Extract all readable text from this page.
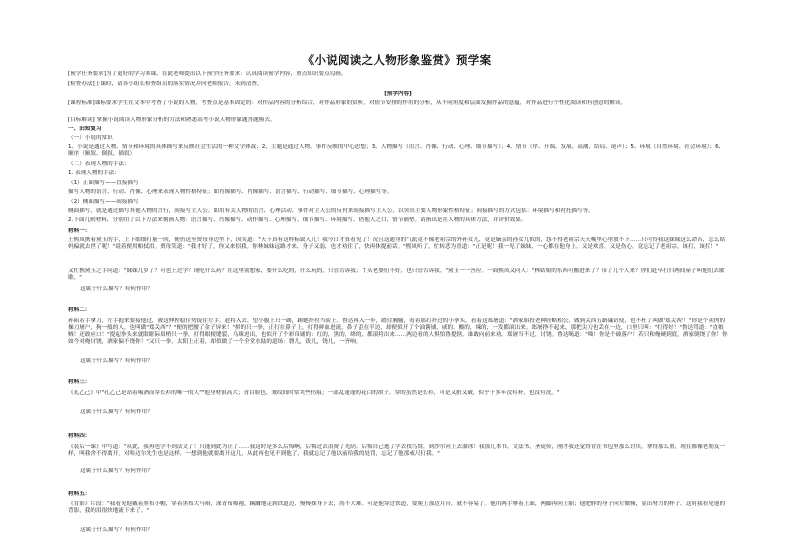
《小说阅读之人物形象鉴赏》预学案
[预学任务要求]为了更好的学习本课，在此老师提出以下预学任务要求：认真阅读预学内容，重点知识要点勾画。
[检查办法]上课时，请各小组长检查组员的落实情况并向老师报告，未到清查。
[预学内容]
[课程标准]课标要求学生在文本中考查了小说的人物，考查点是基本固定的：对作品内容的分析综合，对作品形象的赏析，对情节安排的作用的分析，从不同角度和层面发掘作品的意蕴，对作品进行个性化阅读和有创意的解读。
[目标解读] 掌握小说阅读人物形象分析的方法和熟悉高考小说人物形象题答题模式。
一、旧知复习
（一）小说的常识
1、小说是通过人物、情节和环境的具体描写来反映社会生活的一种文学体裁；2、主题是通过人物、事件反映的中心思想；3、人物描写（语言、肖像、行动、心理、细节描写）；4、情节（序、开端、发展、高潮、结局、尾声）；5、环境（自然环境、社会环境）；6、顺序（顺叙、倒叙、插叙）
（二）表现人物的手法：
1. 表现人物的手法：
（1）正面描写——直接描写
描写人物的语言、行动、肖像、心理来表现人物性格特征；如肖像描写、肖像描写、语言描写、行动描写、细节描写、心理描写等。
（2）侧面描写——间接描写
侧面描写，就是通过描写其他人物的言行，间接写主人公。如用有关人物的语言、心理活动、事件对主人公的反衬来间接描写主人公，以突出主要人物形象性格特征；间接描写的方式包括：环境描写和衬托描写等。
2.下面几则材料，分别用了以下方法来刻画人物：语言描写、肖像描写、动作描写、心理描写、细节描写、环境描写、借他人之口、情节铺垫。请指出是在人物的具体方法，并评价效果。
材料一：
王熙凤携着黛玉的手，上下细细打量一回，便仍送至贾母身边坐下，因笑道："天下真有这样标致人儿！我今日才算看见了！况且这通身的气派竟不像老祖宗的外孙女儿，竟是嫡亲的孙女儿似的，怨不得老祖宗天天嘴里心里放不下……只可怜我这妹妹这么命苦，怎么姑妈偏就去世了呢！"说着便用帕拭泪。贾母笑道："我才好了，你又来招我。你林妹妹远路才来，身子又弱，也才劝住了，快再休提前话。"熙凤听了，忙转悲为喜道："正是呢！我一见了妹妹，一心都在他身上，又是欢喜，又是伤心，竟忘记了老祖宗。该打，该打！"
又忙携黛玉之手问道："妹妹几岁了？可也上过学？现吃什么药？在这里别想家，要什么吃的，什么玩的，只管告诉我；丫头老婆们不好，也只管告诉我。"黛玉一一答应。一面熙凤又问人："林姑娘的东西可搬进来了？带了几个人来？你们赶早打扫两间屋子叫他们去歇歇。"
这属于什么描写？有何作用？
材料二：
孙陷若手拿刀，左手抱来要接他过，被这伸捏稳住势捉住左手，趁将入去，望小腹上只一踢，踢她扑拉当街上。鲁达再入一步，踏住胸脯，看着那打扑过的小拳头，看着这郑屠道："洒家始投老种经略相公，做到关西五路廉访使，也不枉了叫做'郑关西'！"你是个卖肉的操刀屠户，狗一般的人，也叫做"郑关西"？"便的把腰了金子屏来！"拼的只一拳，正打在鼻子上，打得鲜血进流，鼻子歪在半边，却便似开了个油酱铺，咸的，酸的，辣的，一发都滚出来。郑屠挣不起来，那把尖刀也丢在一边，口里只叫："打得好！"鲁达骂道："直娘贼！还敢应口！"提起拳头来就眼眶际眉梢只一拳，打得眼棱缝裂，乌珠迸出，也似开了个彩帛铺的：红的，黑的，绛的，都滚将出来……两边看的人惧怕鲁提辖，谁敢向前来劝。郑屠当不过，讨饶。鲁达喝道："咄！你是个破落户！若只和俺硬到底，洒家倒饶了你！你如今对俺讨饶，洒家偏不饶你！"又只一拳，太阳上正着，却似做了一个全堂水陆的道场：磬儿，钹儿，铙儿，一齐响。
这属于什么描写？有何作用？
材料三：
《孔乙己》中"孔乙己是站着喝酒而穿长衫的唯一的人""他身材很高大；青白脸色，皱纹间时常夹些伤痕；一部乱蓬蓬的花白的胡子。穿的虽然是长衫，可是又脏又破，似乎十多年没有补，也没有洗。"
这属于什么描写？有何作用？
材料四：
《装后一课》中写道："从此，我再也学不到法文了！只能到此为止了……我这时是多么后悔啊，后悔过去浪费了光阴。后悔自己逃了学去找鸟窝，到沙尔河上去溜冰！我那几本书，文法书，圣徒传，刚才我还觉得背在书包里那么讨厌，拿得那么重，现在都像老朋友一样，叫我舍不得离开。对哈迈尔先生也是这样，一想到他就要离开这儿，从此再也见不到他了，我就忘记了他以前给我的处罚，忘记了他那戒尺打我。"
这属于什么描写？有何作用？
材料五：
《背影》片段："我看见他戴着黑布小帽，穿着黑布大马褂，深青布棉袍，蹒跚地走到铁道边，慢慢探身下去，尚不大难。可是他穿过铁道，要爬上那边月台，就不容易了。他用两手攀着上面，两脚再向上缩；他肥胖的身子向左微倾，显出努力的样子。这时我看见他的背影，我的泪很快地流下来了。"
这属于什么描写？有何作用？
